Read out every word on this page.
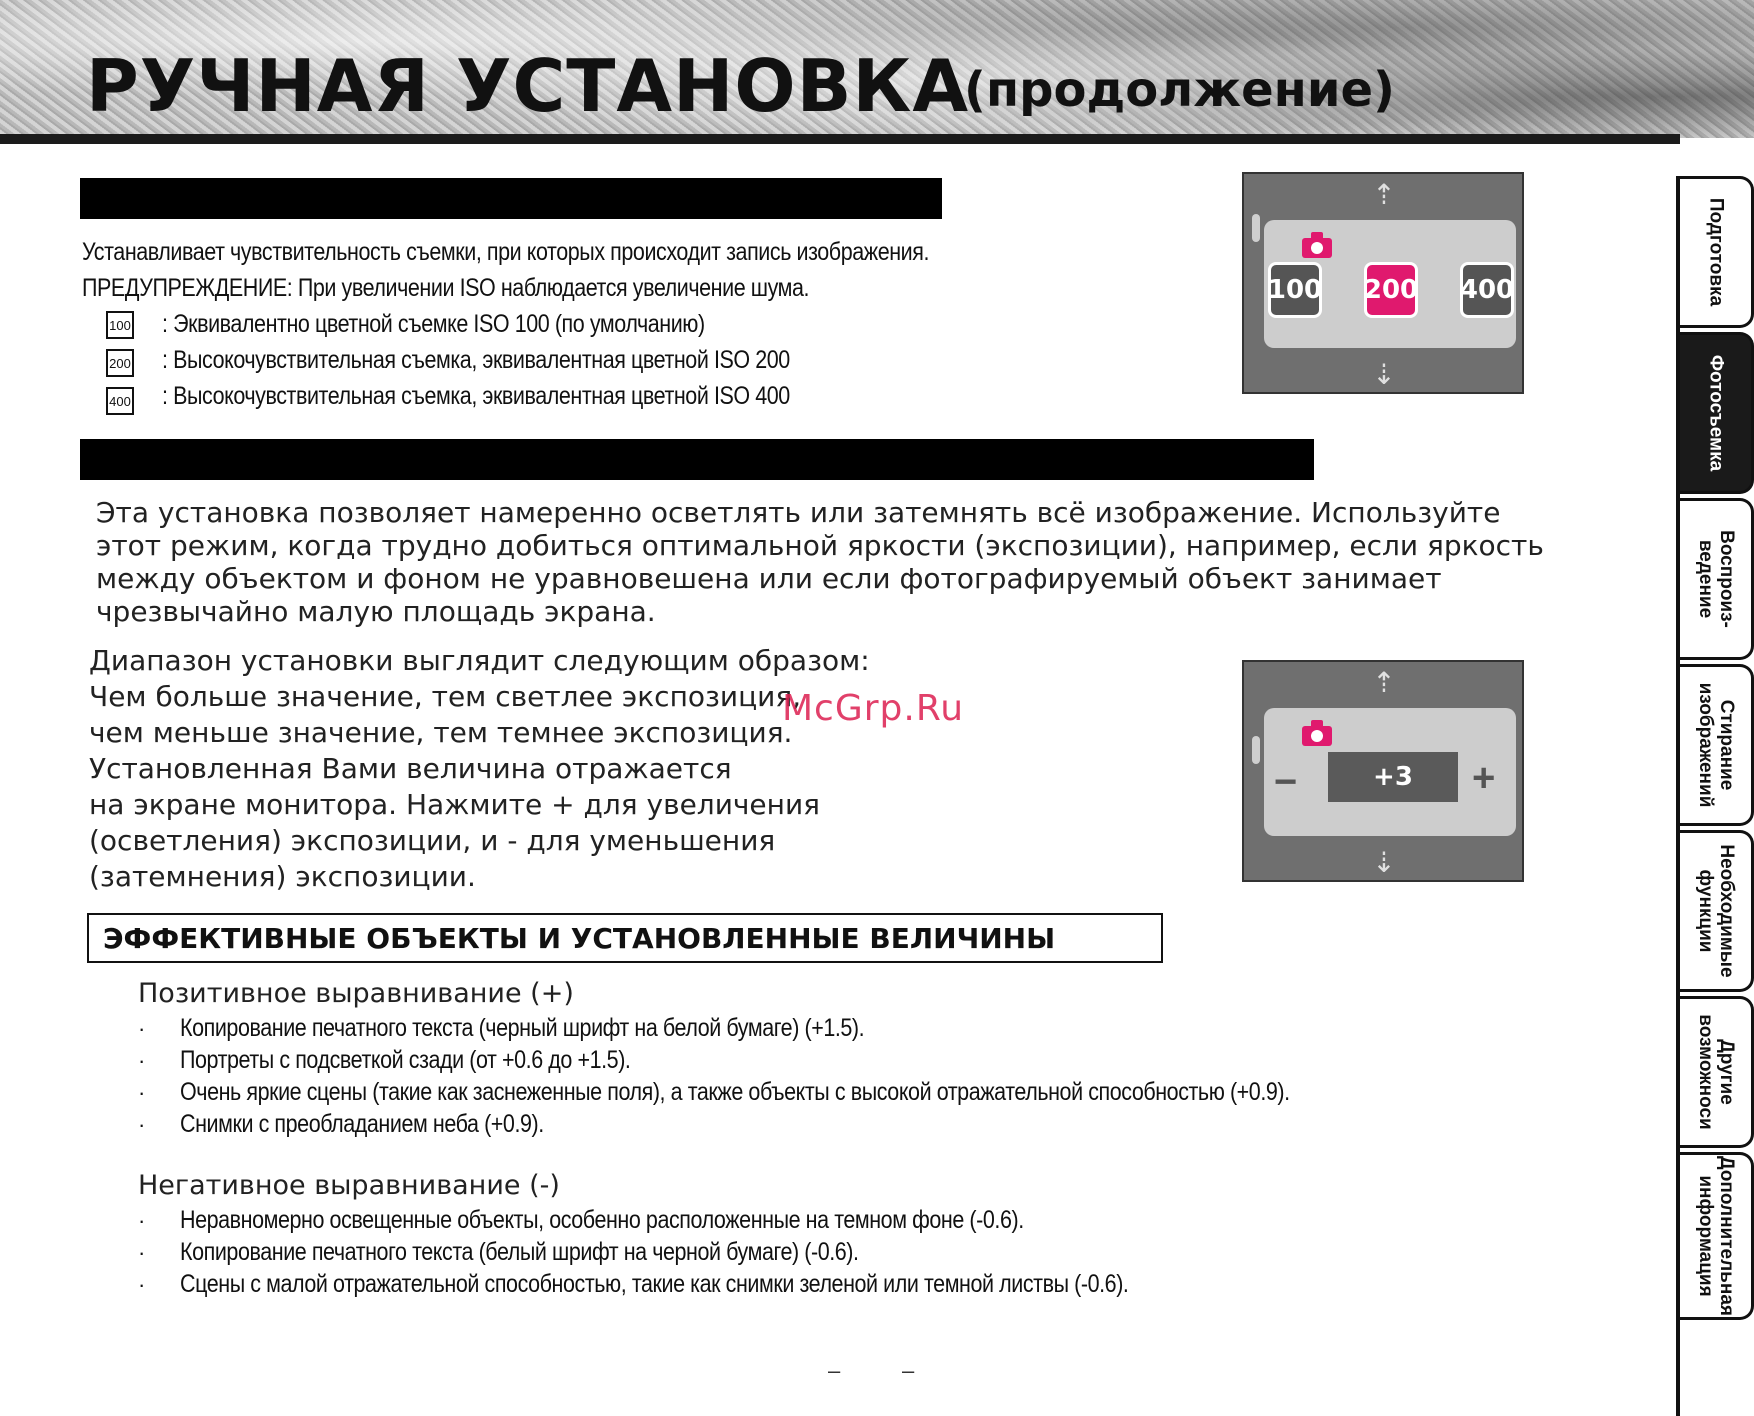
РУЧНАЯ УСТАНОВКА
(продолжение)
Устанавливает чувствительность съемки, при которых происходит запись изображения.
ПРЕДУПРЕЖДЕНИЕ: При увеличении ISO наблюдается увеличение шума.
100 : Эквивалентно цветной съемке ISO 100 (по умолчанию)
200 : Высокочувствительная съемка, эквивалентная цветной ISO 200
400 : Высокочувствительная съемка, эквивалентная цветной ISO 400
⇡
100 200 400
⇣
Эта установка позволяет намеренно осветлять или затемнять всё изображение. Используйте
этот режим, когда трудно добиться оптимальной яркости (экспозиции), например, если яркость
между объектом и фоном не уравновешена или если фотографируемый объект занимает
чрезвычайно малую площадь экрана.
Диапазон установки выглядит следующим образом:
Чем больше значение, тем светлее экспозиция,
чем меньше значение, тем темнее экспозиция.
Установленная Вами величина отражается
на экране монитора. Нажмите + для увеличения
(осветления) экспозиции, и - для уменьшения
(затемнения) экспозиции.
McGrp.Ru
⇡
−	+3	+
⇣
ЭФФЕКТИВНЫЕ ОБЪЕКТЫ И УСТАНОВЛЕННЫЕ ВЕЛИЧИНЫ
Позитивное выравнивание (+)
· Копирование печатного текста (черный шрифт на белой бумаге) (+1.5).
· Портреты с подсветкой сзади (от +0.6 до +1.5).
· Очень яркие сцены (такие как заснеженные поля), а также объекты с высокой отражательной способностью (+0.9).
· Снимки с преобладанием неба (+0.9).
Негативное выравнивание (-)
· Неравномерно освещенные объекты, особенно расположенные на темном фоне (-0.6).
· Копирование печатного текста (белый шрифт на черной бумаге) (-0.6).
· Сцены с малой отражательной способностью, такие как снимки зеленой или темной листвы (-0.6).
–	–
Подготовка
Фотосъемка
Воспроиз-
ведение
Стирание
изображений
Необходимые
функции
Другие
возможноси
Дополнительная
информация
